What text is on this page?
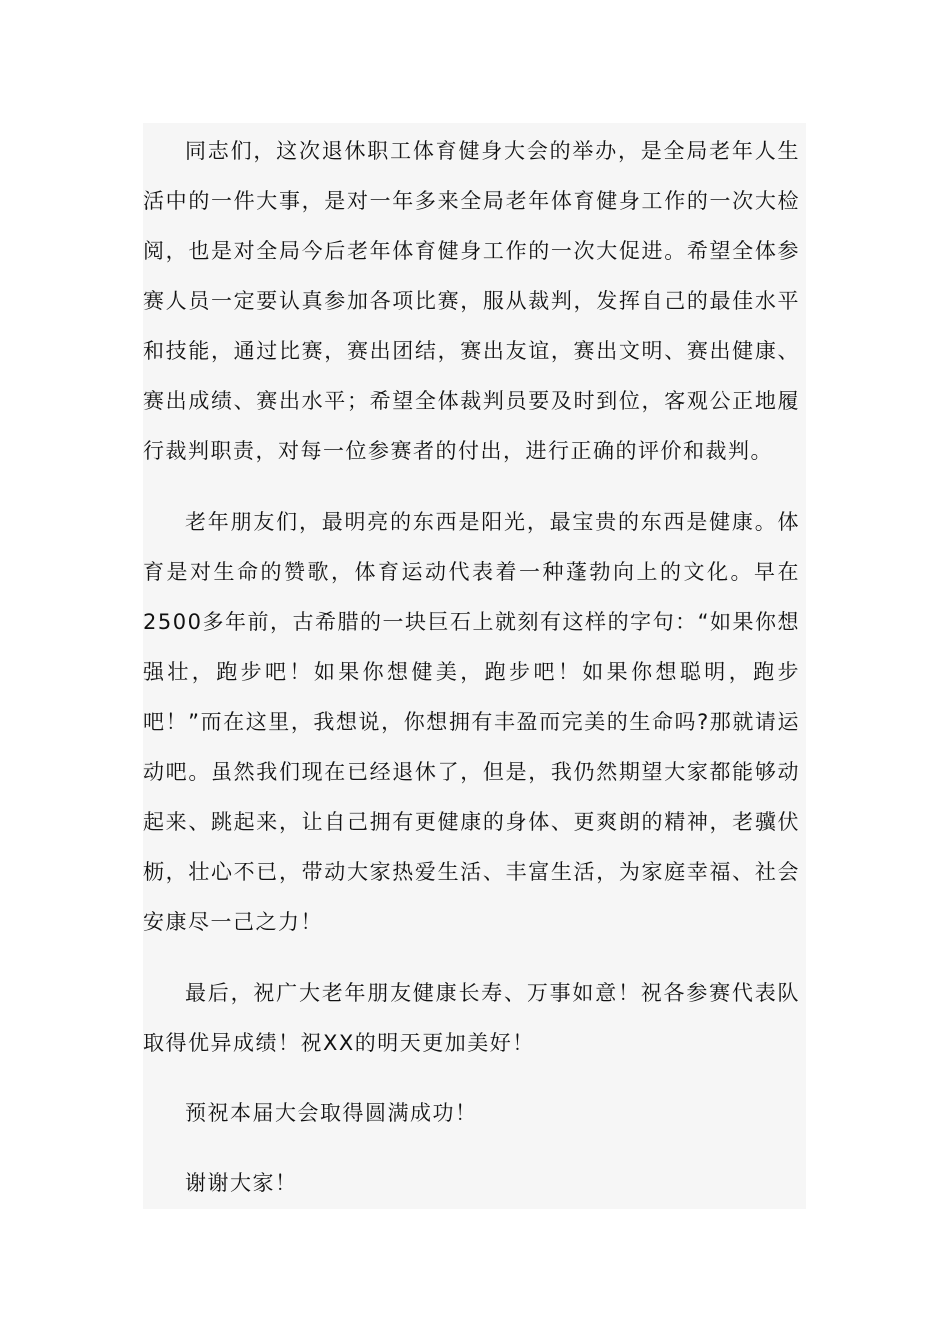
同志们，这次退休职工体育健身大会的举办，是全局老年人生活中的一件大事，是对一年多来全局老年体育健身工作的一次大检阅，也是对全局今后老年体育健身工作的一次大促进。希望全体参赛人员一定要认真参加各项比赛，服从裁判，发挥自己的最佳水平和技能，通过比赛，赛出团结，赛出友谊，赛出文明、赛出健康、赛出成绩、赛出水平；希望全体裁判员要及时到位，客观公正地履行裁判职责，对每一位参赛者的付出，进行正确的评价和裁判。

老年朋友们，最明亮的东西是阳光，最宝贵的东西是健康。体育是对生命的赞歌，体育运动代表着一种蓬勃向上的文化。早在2500多年前，古希腊的一块巨石上就刻有这样的字句：“如果你想强壮，跑步吧！如果你想健美，跑步吧！如果你想聪明，跑步吧！”而在这里，我想说，你想拥有丰盈而完美的生命吗?那就请运动吧。虽然我们现在已经退休了，但是，我仍然期望大家都能够动起来、跳起来，让自己拥有更健康的身体、更爽朗的精神，老骥伏枥，壮心不已，带动大家热爱生活、丰富生活，为家庭幸福、社会安康尽一己之力！

最后，祝广大老年朋友健康长寿、万事如意！祝各参赛代表队取得优异成绩！祝XX的明天更加美好！

预祝本届大会取得圆满成功！

谢谢大家！
